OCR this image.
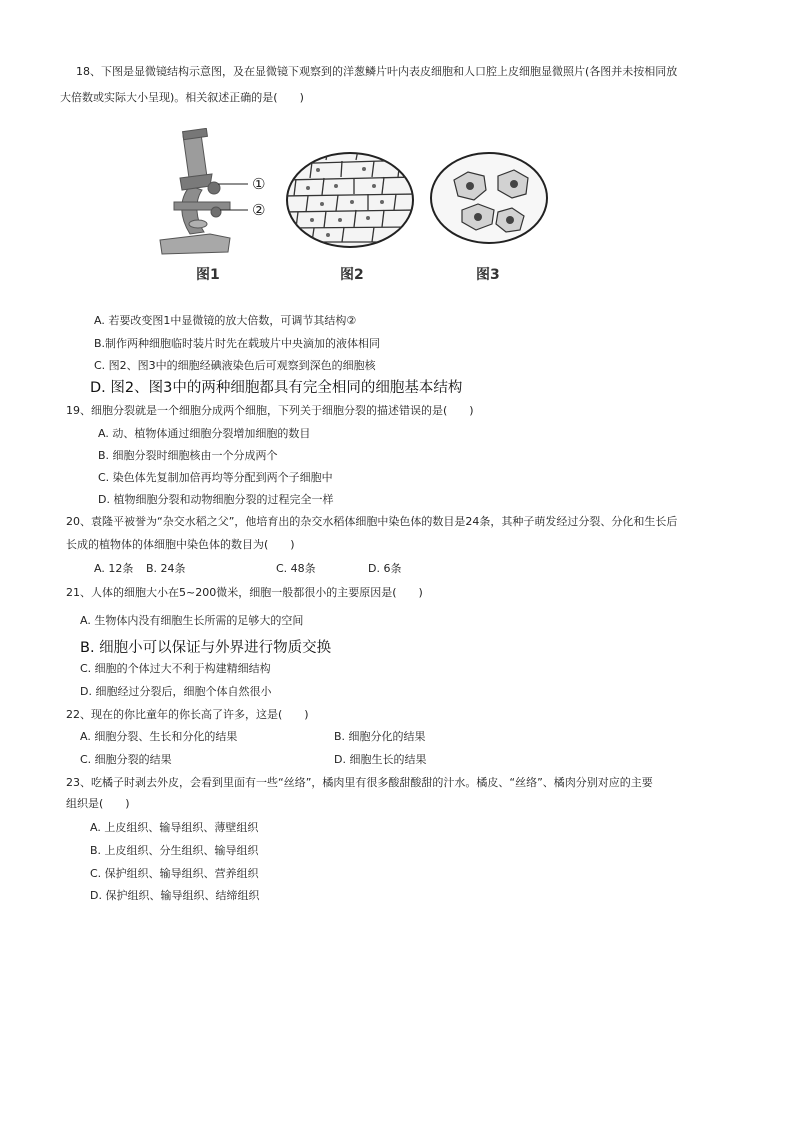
18、下图是显微镜结构示意图，及在显微镜下观察到的洋葱鳞片叶内表皮细胞和人口腔上皮细胞显微照片(各图并未按相同放
大倍数或实际大小呈现)。相关叙述正确的是(　　)
①
②
图1	图2	图3
A. 若要改变图1中显微镜的放大倍数，可调节其结构②
B.制作两种细胞临时装片时先在载玻片中央滴加的液体相同
C. 图2、图3中的细胞经碘液染色后可观察到深色的细胞核
D. 图2、图3中的两种细胞都具有完全相同的细胞基本结构
19、细胞分裂就是一个细胞分成两个细胞，下列关于细胞分裂的描述错误的是(　　)
A. 动、植物体通过细胞分裂增加细胞的数目
B. 细胞分裂时细胞核由一个分成两个
C. 染色体先复制加倍再均等分配到两个子细胞中
D. 植物细胞分裂和动物细胞分裂的过程完全一样
20、袁隆平被誉为“杂交水稻之父”，他培育出的杂交水稻体细胞中染色体的数目是24条，其种子萌发经过分裂、分化和生长后
长成的植物体的体细胞中染色体的数目为(　　)
A. 12条 B. 24条	C. 48条	D. 6条
21、人体的细胞大小在5~200微米，细胞一般都很小的主要原因是(　　)
A. 生物体内没有细胞生长所需的足够大的空间
B. 细胞小可以保证与外界进行物质交换
C. 细胞的个体过大不利于构建精细结构
D. 细胞经过分裂后，细胞个体自然很小
22、现在的你比童年的你长高了许多，这是(　　)
A. 细胞分裂、生长和分化的结果	B. 细胞分化的结果
C. 细胞分裂的结果	D. 细胞生长的结果
23、吃橘子时剥去外皮，会看到里面有一些“丝络”，橘肉里有很多酸甜酸甜的汁水。橘皮、“丝络”、橘肉分别对应的主要
组织是(　　)
A. 上皮组织、输导组织、薄壁组织
B. 上皮组织、分生组织、输导组织
C. 保护组织、输导组织、营养组织
D. 保护组织、输导组织、结缔组织
